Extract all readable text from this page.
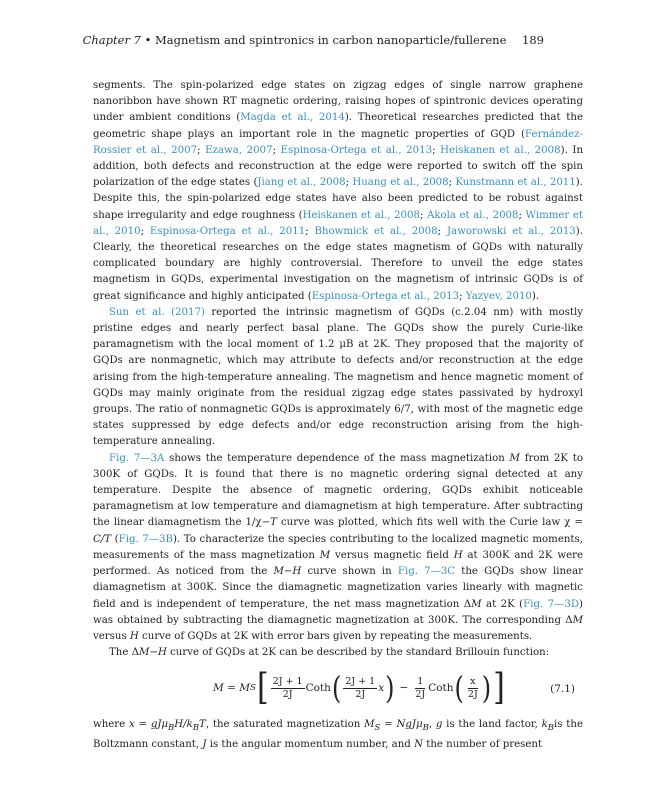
Chapter 7 • Magnetism and spintronics in carbon nanoparticle/fullerene 189

segments. The spin-polarized edge states on zigzag edges of single narrow graphene nanoribbon have shown RT magnetic ordering, raising hopes of spintronic devices operating under ambient conditions (Magda et al., 2014). Theoretical researches predicted that the geometric shape plays an important role in the magnetic properties of GQD (Fernández-Rossier et al., 2007; Ezawa, 2007; Espinosa-Ortega et al., 2013; Heiskanen et al., 2008). In addition, both defects and reconstruction at the edge were reported to switch off the spin polarization of the edge states (Jiang et al., 2008; Huang et al., 2008; Kunstmann et al., 2011). Despite this, the spin-polarized edge states have also been predicted to be robust against shape irregularity and edge roughness (Heiskanen et al., 2008; Akola et al., 2008; Wimmer et al., 2010; Espinosa-Ortega et al., 2011; Bhowmick et al., 2008; Jaworowski et al., 2013). Clearly, the theoretical researches on the edge states magnetism of GQDs with naturally complicated boundary are highly controversial. Therefore to unveil the edge states magnetism in GQDs, experimental investigation on the magnetism of intrinsic GQDs is of great significance and highly anticipated (Espinosa-Ortega et al., 2013; Yazyev, 2010).

Sun et al. (2017) reported the intrinsic magnetism of GQDs (c.2.04 nm) with mostly pristine edges and nearly perfect basal plane. The GQDs show the purely Curie-like paramagnetism with the local moment of 1.2 μB at 2K. They proposed that the majority of GQDs are nonmagnetic, which may attribute to defects and/or reconstruction at the edge arising from the high-temperature annealing. The magnetism and hence magnetic moment of GQDs may mainly originate from the residual zigzag edge states passivated by hydroxyl groups. The ratio of nonmagnetic GQDs is approximately 6/7, with most of the magnetic edge states suppressed by edge defects and/or edge reconstruction arising from the high-temperature annealing.

Fig. 7—3A shows the temperature dependence of the mass magnetization M from 2K to 300K of GQDs. It is found that there is no magnetic ordering signal detected at any temperature. Despite the absence of magnetic ordering, GQDs exhibit noticeable paramagnetism at low temperature and diamagnetism at high temperature. After subtracting the linear diamagnetism the 1/χ−T curve was plotted, which fits well with the Curie law χ = C/T (Fig. 7—3B). To characterize the species contributing to the localized magnetic moments, measurements of the mass magnetization M versus magnetic field H at 300K and 2K were performed. As noticed from the M−H curve shown in Fig. 7—3C the GQDs show linear diamagnetism at 300K. Since the diamagnetic magnetization varies linearly with magnetic field and is independent of temperature, the net mass magnetization ΔM at 2K (Fig. 7—3D) was obtained by subtracting the diamagnetic magnetization at 300K. The corresponding ΔM versus H curve of GQDs at 2K with error bars given by repeating the measurements.

The ΔM−H curve of GQDs at 2K can be described by the standard Brillouin function:

M = M S [ $\frac{2J + 1}{2J}$ Coth ( $\frac{2J + 1}{2J}$ x ) − $\frac{1}{2J}$ Coth ( $\frac{x}{2J}$ ) ]	(7.1)

where $x = gJ\mu_BH/k_BT$, the saturated magnetization $M_S = NgJ\mu_B$, g is the land factor, $k_Bis$ the Boltzmann constant, J is the angular momentum number, and N the number of present
